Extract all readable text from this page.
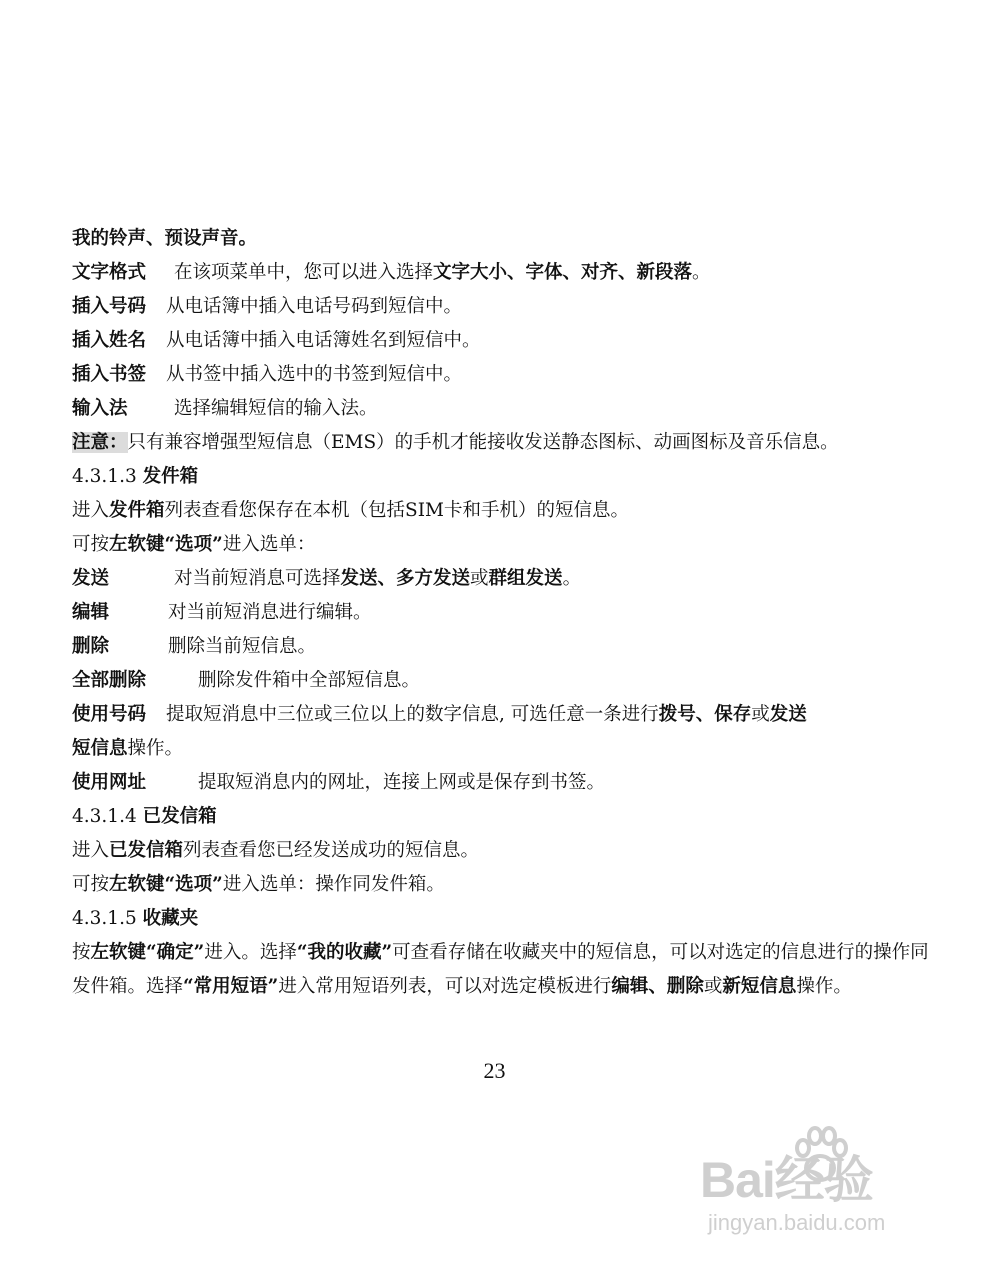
我的铃声、预设声音。
文字格式 在该项菜单中，您可以进入选择文字大小、字体、对齐、新段落。
插入号码 从电话簿中插入电话号码到短信中。
插入姓名 从电话簿中插入电话簿姓名到短信中。
插入书签 从书签中插入选中的书签到短信中。
输入法	选择编辑短信的输入法。
注意：只有兼容增强型短信息（EMS）的手机才能接收发送静态图标、动画图标及音乐信息。
4.3.1.3 发件箱
进入发件箱列表查看您保存在本机（包括SIM卡和手机）的短信息。
可按左软键“选项”进入选单：
发送	对当前短消息可选择发送、多方发送或群组发送。
编辑	对当前短消息进行编辑。
删除	删除当前短信息。
全部删除	删除发件箱中全部短信息。
使用号码 提取短消息中三位或三位以上的数字信息, 可选任意一条进行拨号、保存或发送
短信息操作。
使用网址	提取短消息内的网址，连接上网或是保存到书签。
4.3.1.4 已发信箱
进入已发信箱列表查看您已经发送成功的短信息。
可按左软键“选项”进入选单：操作同发件箱。
4.3.1.5 收藏夹
按左软键“确定”进入。选择“我的收藏”可查看存储在收藏夹中的短信息，可以对选定的信息进行的操作同发件箱。选择“常用短语”进入常用短语列表，可以对选定模板进行编辑、删除或新短信息操作。
23
Bai经验
jingyan.baidu.com
